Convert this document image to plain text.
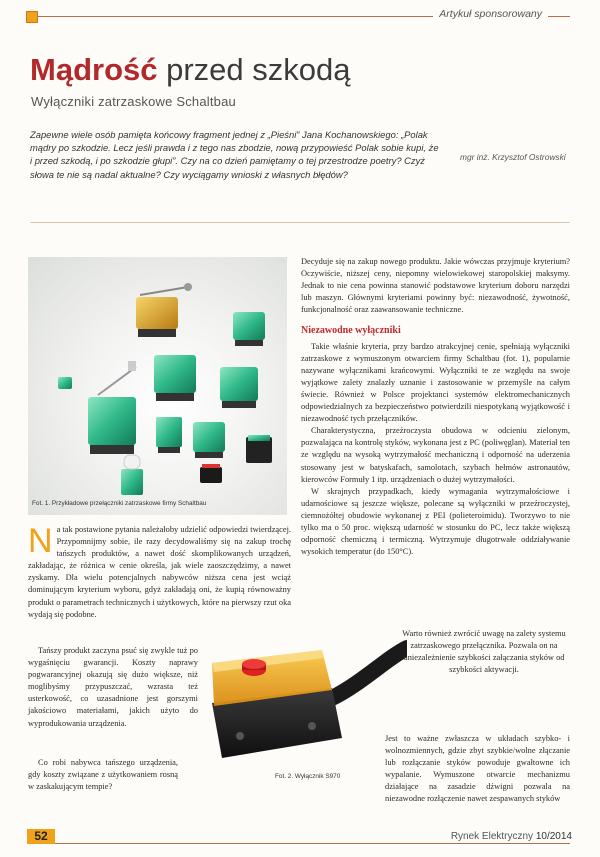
Artykuł sponsorowany
Mądrość przed szkodą
Wyłączniki zatrzaskowe Schaltbau
Zapewne wiele osób pamięta końcowy fragment jednej z „Pieśni” Jana Kochanowskiego: „Polak mądry po szkodzie. Lecz jeśli prawda i z tego nas zbodzie, nową przypowieść Polak sobie kupi, że i przed szkodą, i po szkodzie głupi”. Czy na co dzień pamiętamy o tej przestrodze poetry? Czyż słowa te nie są nadal aktualne? Czy wyciągamy wnioski z własnych błędów?
mgr inż. Krzysztof Ostrowski
Fot. 1. Przykładowe przełączniki zatrzaskowe firmy Schaltbau

Decyduje się na zakup nowego produktu. Jakie wówczas przyjmuje kryterium? Oczywiście, niższej ceny, niepomny wielowiekowej staropolskiej maksymy. Jednak to nie cena powinna stanowić podstawowe kryterium doboru narzędzi lub maszyn. Głównymi kryteriami powinny być: niezawodność, żywotność, funkcjonalność oraz zaawansowanie techniczne.

Niezawodne wyłączniki

Takie właśnie kryteria, przy bardzo atrakcyjnej cenie, spełniają wyłączniki zatrzaskowe z wymuszonym otwarciem firmy Schaltbau (fot. 1), popularnie nazywane wyłącznikami krańcowymi. Wyłączniki te ze względu na swoje wyjątkowe zalety znalazły uznanie i zastosowanie w przemyśle na całym świecie. Również w Polsce projektanci systemów elektromechanicznych odpowiedzialnych za bezpieczeństwo potwierdzili niespotykaną wyjątkowość i niezawodność tych przełączników.

Charakterystyczna, przeźroczysta obudowa w odcieniu zielonym, pozwalająca na kontrolę styków, wykonana jest z PC (poliwęglan). Materiał ten ze względu na wysoką wytrzymałość mechaniczną i odporność na uderzenia stosowany jest w batyskafach, samolotach, szybach hełmów astronautów, kierowców Formuły 1 itp. urządzeniach o dużej wytrzymałości.

W skrajnych przypadkach, kiedy wymagania wytrzymałościowe i udarnościowe są jeszcze większe, polecane są wyłączniki w przeźroczystej, ciemnożółtej obudowie wykonanej z PEI (polieteroimidu). Tworzywo to nie tylko ma o 50 proc. większą udarność w stosunku do PC, lecz także większą odporność chemiczną i termiczną. Wytrzymuje długotrwałe oddziaływanie wysokich temperatur (do 150°C).

Na tak postawione pytania należałoby udzielić odpowiedzi twierdzącej. Przypomnijmy sobie, ile razy decydowaliśmy się na zakup trochę tańszych produktów, a nawet dość skomplikowanych urządzeń, zakładając, że różnica w cenie określa, jak wiele zaoszczędzimy, a nawet zyskamy. Dla wielu potencjalnych nabywców niższa cena jest wciąż dominującym kryterium wyboru, gdyż zakładają oni, że kupią równoważny produkt o parametrach technicznych i użytkowych, które na pierwszy rzut oka wydają się podobne.

Tańszy produkt zaczyna psuć się zwykle tuż po wygaśnięciu gwarancji. Koszty naprawy pogwarancyjnej okazują się dużo większe, niż moglibyśmy przypuszczać, wzrasta też usterkowość, co uzasadnione jest gorszymi jakościowo materiałami, jakich użyto do wyprodukowania urządzenia.

Co robi nabywca tańszego urządzenia, gdy koszty związane z użytkowaniem rosną w zaskakującym tempie?

Fot. 2. Wyłącznik S970

Warto również zwrócić uwagę na zalety systemu zatrzaskowego przełącznika. Pozwala on na uniezależnienie szybkości załączania styków od szybkości aktywacji.

Jest to ważne zwłaszcza w układach szybko- i wolnozmiennych, gdzie zbyt szybkie/wolne złączanie lub rozłączanie styków powoduje gwałtowne ich wypalanie. Wymuszone otwarcie mechanizmu działające na zasadzie dźwigni pozwala na niezawodne rozłączenie nawet zespawanych styków

52	Rynek Elektryczny 10/2014
